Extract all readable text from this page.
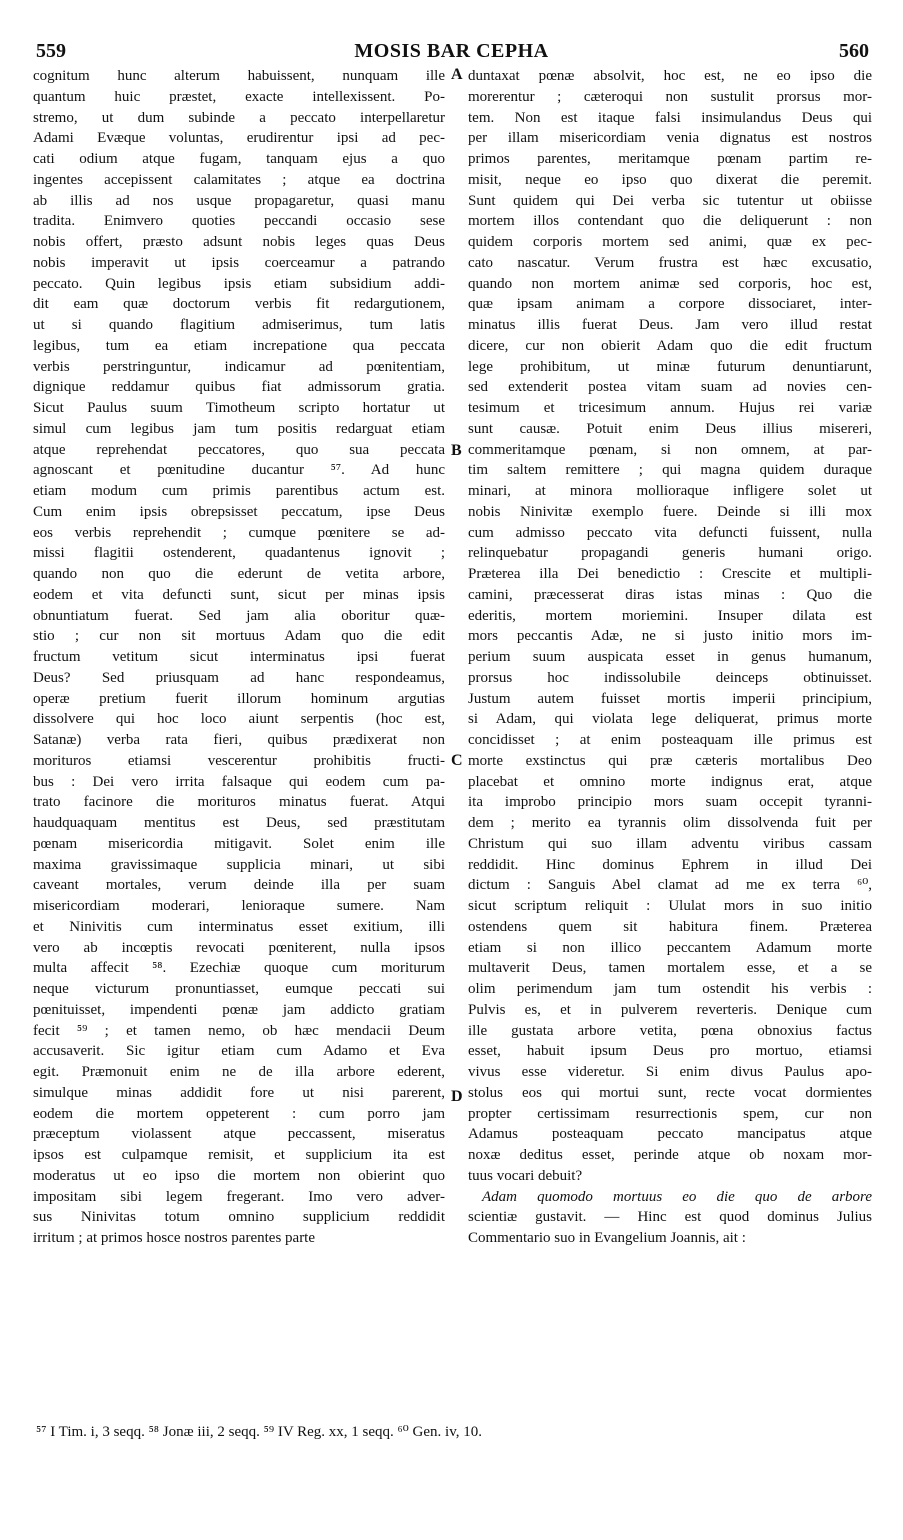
559	MOSIS BAR CEPHA	560
cognitum hunc alterum habuissent, nunquam ille
quantum huic præstet, exacte intellexissent. Po-
stremo, ut dum subinde a peccato interpellaretur
Adami Evæque voluntas, erudirentur ipsi ad pec-
cati odium atque fugam, tanquam ejus a quo
ingentes accepissent calamitates ; atque ea doctrina
ab illis ad nos usque propagaretur, quasi manu
tradita. Enimvero quoties peccandi occasio sese
nobis offert, præsto adsunt nobis leges quas Deus
nobis imperavit ut ipsis coerceamur a patrando
peccato. Quin legibus ipsis etiam subsidium addi-
dit eam quæ doctorum verbis fit redargutionem,
ut si quando flagitium admiserimus, tum latis
legibus, tum ea etiam increpatione qua peccata
verbis perstringuntur, indicamur ad pœnitentiam,
dignique reddamur quibus fiat admissorum gratia.
Sicut Paulus suum Timotheum scripto hortatur ut
simul cum legibus jam tum positis redarguat etiam
atque reprehendat peccatores, quo sua peccata
agnoscant et pœnitudine ducantur ⁵⁷. Ad hunc
etiam modum cum primis parentibus actum est.
Cum enim ipsis obrepsisset peccatum, ipse Deus
eos verbis reprehendit ; cumque pœnitere se ad-
missi flagitii ostenderent, quadantenus ignovit ;
quando non quo die ederunt de vetita arbore,
eodem et vita defuncti sunt, sicut per minas ipsis
obnuntiatum fuerat. Sed jam alia oboritur quæ-
stio ; cur non sit mortuus Adam quo die edit
fructum vetitum sicut interminatus ipsi fuerat
Deus? Sed priusquam ad hanc respondeamus,
operæ pretium fuerit illorum hominum argutias
dissolvere qui hoc loco aiunt serpentis (hoc est,
Satanæ) verba rata fieri, quibus prædixerat non
morituros etiamsi vescerentur prohibitis fructi-
bus : Dei vero irrita falsaque qui eodem cum pa-
trato facinore die morituros minatus fuerat. Atqui
haudquaquam mentitus est Deus, sed præstitutam
pœnam misericordia mitigavit. Solet enim ille
maxima gravissimaque supplicia minari, ut sibi
caveant mortales, verum deinde illa per suam
misericordiam moderari, lenioraque sumere. Nam
et Ninivitis cum interminatus esset exitium, illi
vero ab incœptis revocati pœniterent, nulla ipsos
multa affecit ⁵⁸. Ezechiæ quoque cum moriturum
neque victurum pronuntiasset, eumque peccati sui
pœnituisset, impendenti pœnæ jam addicto gratiam
fecit ⁵⁹ ; et tamen nemo, ob hæc mendacii Deum
accusaverit. Sic igitur etiam cum Adamo et Eva
egit. Præmonuit enim ne de illa arbore ederent,
simulque minas addidit fore ut nisi parerent,
eodem die mortem oppeterent : cum porro jam
præceptum violassent atque peccassent, miseratus
ipsos est culpamque remisit, et supplicium ita est
moderatus ut eo ipso die mortem non obierint quo
impositam sibi legem fregerant. Imo vero adver-
sus Ninivitas totum omnino supplicium reddidit
irritum ; at primos hosce nostros parentes parte
duntaxat pœnæ absolvit, hoc est, ne eo ipso die
morerentur ; cæteroqui non sustulit prorsus mor-
tem. Non est itaque falsi insimulandus Deus qui
per illam misericordiam venia dignatus est nostros
primos parentes, meritamque pœnam partim re-
misit, neque eo ipso quo dixerat die peremit.
Sunt quidem qui Dei verba sic tutentur ut obiisse
mortem illos contendant quo die deliquerunt : non
quidem corporis mortem sed animi, quæ ex pec-
cato nascatur. Verum frustra est hæc excusatio,
quando non mortem animæ sed corporis, hoc est,
quæ ipsam animam a corpore dissociaret, inter-
minatus illis fuerat Deus. Jam vero illud restat
dicere, cur non obierit Adam quo die edit fructum
lege prohibitum, ut minæ futurum denuntiarunt,
sed extenderit postea vitam suam ad novies cen-
tesimum et tricesimum annum. Hujus rei variæ
sunt causæ. Potuit enim Deus illius misereri,
commeritamque pœnam, si non omnem, at par-
tim saltem remittere ; qui magna quidem duraque
minari, at minora mollioraque infligere solet ut
nobis Ninivitæ exemplo fuere. Deinde si illi mox
cum admisso peccato vita defuncti fuissent, nulla
relinquebatur propagandi generis humani origo.
Præterea illa Dei benedictio : Crescite et multipli-
camini, præcesserat diras istas minas : Quo die
ederitis, mortem moriemini. Insuper dilata est
mors peccantis Adæ, ne si justo initio mors im-
perium suum auspicata esset in genus humanum,
prorsus hoc indissolubile deinceps obtinuisset.
Justum autem fuisset mortis imperii principium,
si Adam, qui violata lege deliquerat, primus morte
concidisset ; at enim posteaquam ille primus est
morte exstinctus qui præ cæteris mortalibus Deo
placebat et omnino morte indignus erat, atque
ita improbo principio mors suam occepit tyranni-
dem ; merito ea tyrannis olim dissolvenda fuit per
Christum qui suo illam adventu viribus cassam
reddidit. Hinc dominus Ephrem in illud Dei
dictum : Sanguis Abel clamat ad me ex terra ⁶⁰,
sicut scriptum reliquit : Ululat mors in suo initio
ostendens quem sit habitura finem. Præterea
etiam si non illico peccantem Adamum morte
multaverit Deus, tamen mortalem esse, et a se
olim perimendum jam tum ostendit his verbis :
Pulvis es, et in pulverem reverteris. Denique cum
ille gustata arbore vetita, pœna obnoxius factus
esset, habuit ipsum Deus pro mortuo, etiamsi
vivus esse videretur. Si enim divus Paulus apo-
stolus eos qui mortui sunt, recte vocat dormientes
propter certissimam resurrectionis spem, cur non
Adamus posteaquam peccato mancipatus atque
noxæ deditus esset, perinde atque ob noxam mor-
tuus vocari debuit?
Adam quomodo mortuus eo die quo de arbore
scientiæ gustavit. — Hinc est quod dominus Julius
Commentario suo in Evangelium Joannis, ait :
A
B
C
D
⁵⁷ I Tim. i, 3 seqq. ⁵⁸ Jonæ iii, 2 seqq. ⁵⁹ IV Reg. xx, 1 seqq. ⁶⁰ Gen. iv, 10.
